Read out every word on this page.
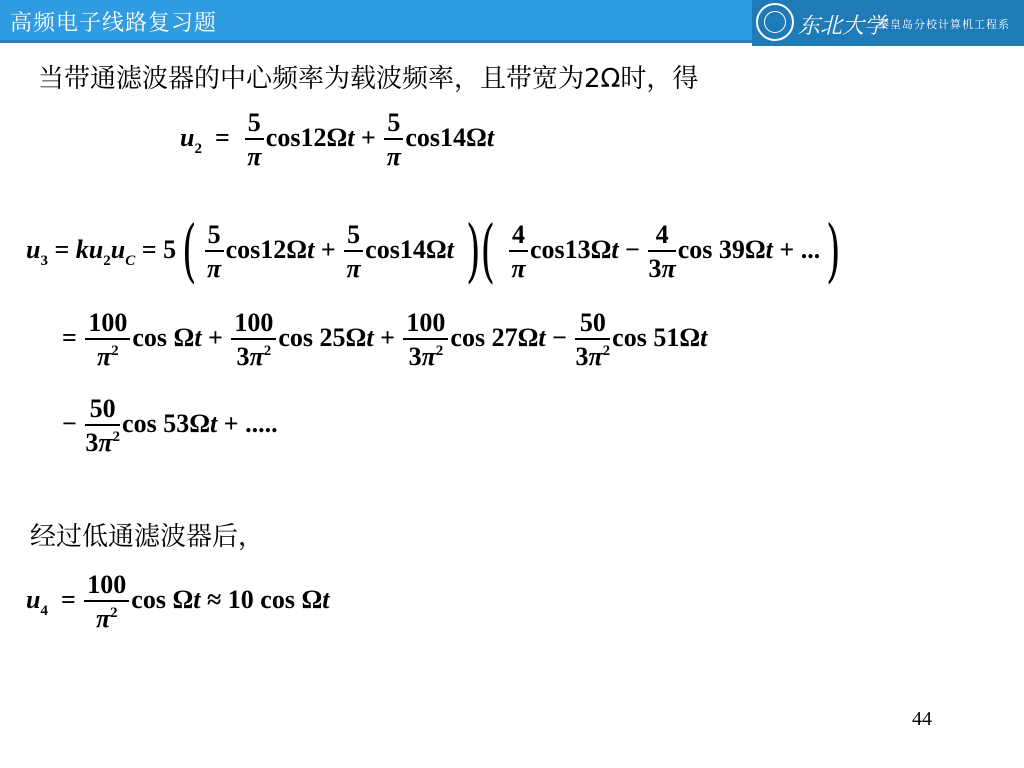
高频电子线路复习题	东北大学
秦皇岛分校计算机工程系
当带通滤波器的中心频率为载波频率，且带宽为2Ω时，得
$u_2 = \frac{5}{\pi} \cos 12\Omega t + \frac{5}{\pi} \cos 14\Omega t$
$u_3 = ku_2u_C = 5( \frac{5}{\pi} \cos 12\Omega t + \frac{5}{\pi} \cos 14\Omega t$ )( $\frac{4}{\pi} \cos 13\Omega t - \frac{4}{3\pi}$ cos 39Ωt + ...)
= $\frac{100}{\pi^2}$ $\cos \Omega t + \frac{100}{3\pi^2}$ $\cos 25\Omega t + \frac{100}{3\pi^2}$ $\cos 27\Omega t - \frac{50}{3\pi^2}$ cos 51Ωt
− $\frac{50}{3\pi^2}$ cos 53Ωt + .....
经过低通滤波器后，
$u_4 = \frac{100}{\pi^2}$ cos Ωt ≈ 10 cos Ωt
44
